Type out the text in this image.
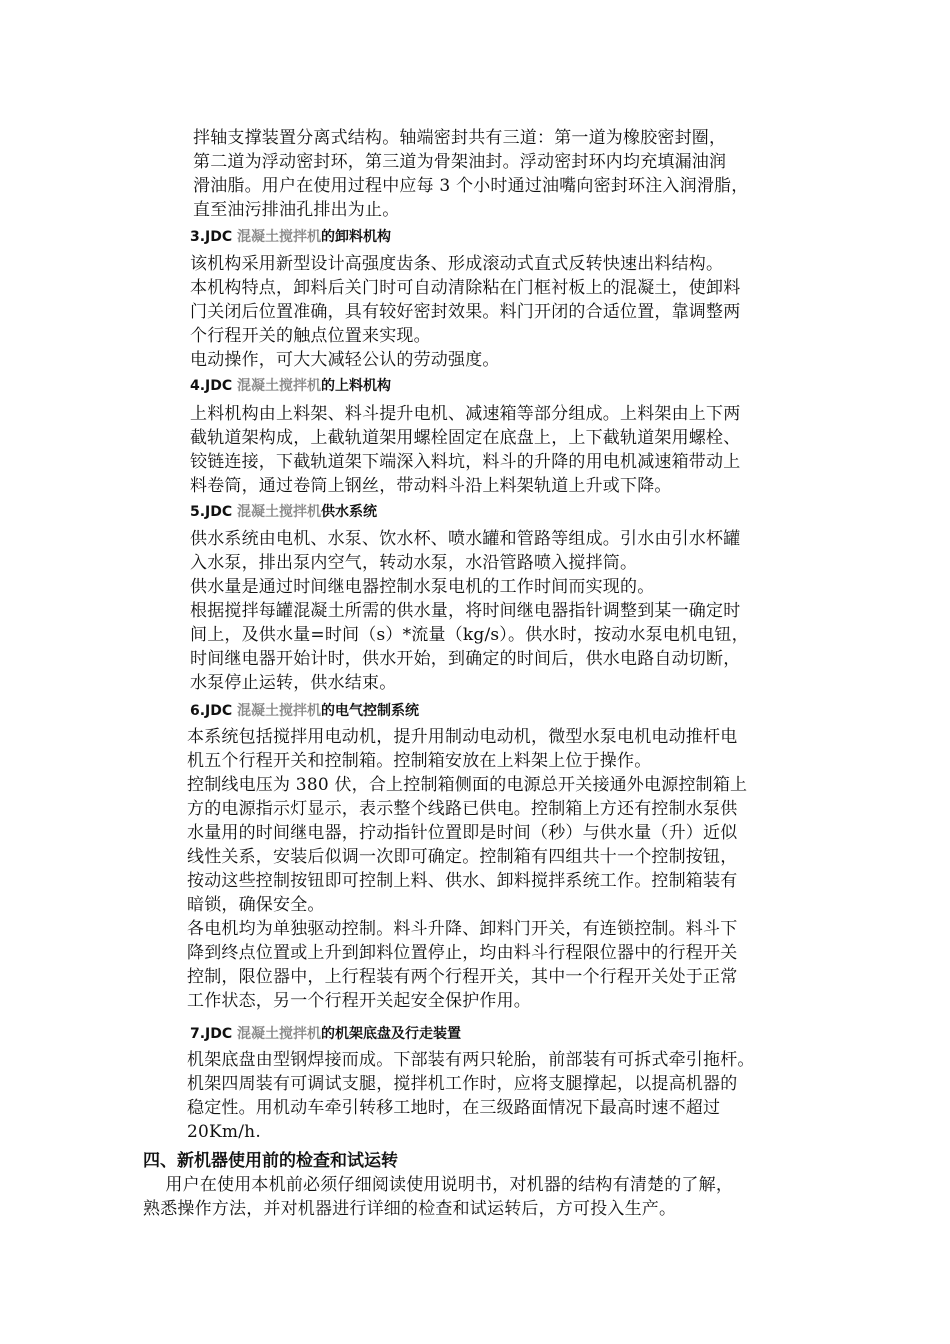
拌轴支撑装置分离式结构。轴端密封共有三道：第一道为橡胶密封圈，
第二道为浮动密封环，第三道为骨架油封。浮动密封环内均充填漏油润
滑油脂。用户在使用过程中应每 3 个小时通过油嘴向密封环注入润滑脂，
直至油污排油孔排出为止。
3.JDC 混凝土搅拌机的卸料机构
该机构采用新型设计高强度齿条、形成滚动式直式反转快速出料结构。
本机构特点，卸料后关门时可自动清除粘在门框衬板上的混凝土，使卸料
门关闭后位置准确，具有较好密封效果。料门开闭的合适位置，靠调整两
个行程开关的触点位置来实现。
电动操作，可大大减轻公认的劳动强度。
4.JDC 混凝土搅拌机的上料机构
上料机构由上料架、料斗提升电机、减速箱等部分组成。上料架由上下两
截轨道架构成，上截轨道架用螺栓固定在底盘上，上下截轨道架用螺栓、
铰链连接，下截轨道架下端深入料坑，料斗的升降的用电机减速箱带动上
料卷筒，通过卷筒上钢丝，带动料斗沿上料架轨道上升或下降。
5.JDC 混凝土搅拌机供水系统
供水系统由电机、水泵、饮水杯、喷水罐和管路等组成。引水由引水杯罐
入水泵，排出泵内空气，转动水泵，水沿管路喷入搅拌筒。
供水量是通过时间继电器控制水泵电机的工作时间而实现的。
根据搅拌每罐混凝土所需的供水量，将时间继电器指针调整到某一确定时
间上，及供水量=时间（s）*流量（kg/s）。供水时，按动水泵电机电钮，
时间继电器开始计时，供水开始，到确定的时间后，供水电路自动切断，
水泵停止运转，供水结束。
6.JDC 混凝土搅拌机的电气控制系统
本系统包括搅拌用电动机，提升用制动电动机，微型水泵电机电动推杆电
机五个行程开关和控制箱。控制箱安放在上料架上位于操作。
控制线电压为 380 伏，合上控制箱侧面的电源总开关接通外电源控制箱上
方的电源指示灯显示，表示整个线路已供电。控制箱上方还有控制水泵供
水量用的时间继电器，拧动指针位置即是时间（秒）与供水量（升）近似
线性关系，安装后似调一次即可确定。控制箱有四组共十一个控制按钮，
按动这些控制按钮即可控制上料、供水、卸料搅拌系统工作。控制箱装有
暗锁，确保安全。
各电机均为单独驱动控制。料斗升降、卸料门开关，有连锁控制。料斗下
降到终点位置或上升到卸料位置停止，均由料斗行程限位器中的行程开关
控制，限位器中，上行程装有两个行程开关，其中一个行程开关处于正常
工作状态，另一个行程开关起安全保护作用。
7.JDC 混凝土搅拌机的机架底盘及行走装置
机架底盘由型钢焊接而成。下部装有两只轮胎，前部装有可拆式牵引拖杆。
机架四周装有可调试支腿，搅拌机工作时，应将支腿撑起，以提高机器的
稳定性。用机动车牵引转移工地时，在三级路面情况下最高时速不超过
20Km/h.
四、新机器使用前的检查和试运转
用户在使用本机前必须仔细阅读使用说明书，对机器的结构有清楚的了解，
熟悉操作方法，并对机器进行详细的检查和试运转后，方可投入生产。
